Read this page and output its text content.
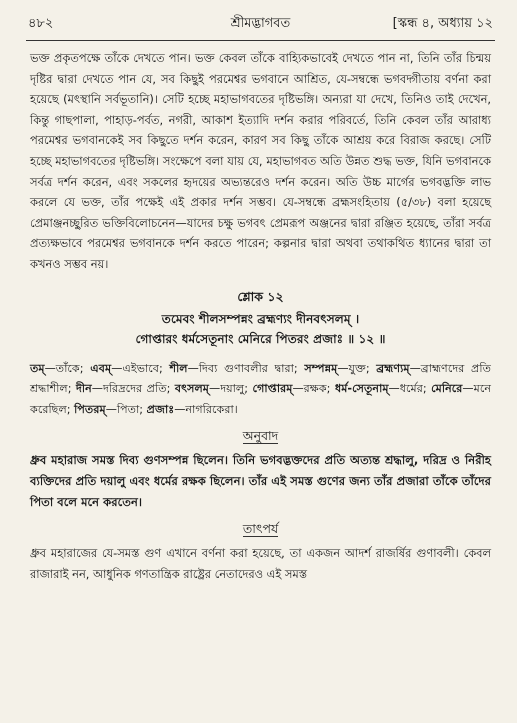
৪৮২	শ্রীমদ্ভাগবত	[স্কন্ধ ৪, অধ্যায় ১২

ভক্ত প্রকৃতপক্ষে তাঁকে দেখতে পান। ভক্ত কেবল তাঁকে বাহ্যিকভাবেই দেখতে পান না, তিনি তাঁর চিন্ময় দৃষ্টির দ্বারা দেখতে পান যে, সব কিছুই পরমেশ্বর ভগবানে আশ্রিত, যে-সম্বন্ধে ভগবদ্গীতায় বর্ণনা করা হয়েছে (মৎস্থানি সর্বভূতানি)। সেটি হচ্ছে মহাভাগবতের দৃষ্টিভঙ্গি। অন্যরা যা দেখে, তিনিও তাই দেখেন, কিন্তু গাছপালা, পাহাড়-পর্বত, নগরী, আকাশ ইত্যাদি দর্শন করার পরিবর্তে, তিনি কেবল তাঁর আরাধ্য পরমেশ্বর ভগবানকেই সব কিছুতে দর্শন করেন, কারণ সব কিছু তাঁকে আশ্রয় করে বিরাজ করছে। সেটি হচ্ছে মহাভাগবতের দৃষ্টিভঙ্গি। সংক্ষেপে বলা যায় যে, মহাভাগবত অতি উন্নত শুদ্ধ ভক্ত, যিনি ভগবানকে সর্বত্র দর্শন করেন, এবং সকলের হৃদয়ের অভ্যন্তরেও দর্শন করেন। অতি উচ্চ মার্গের ভগবদ্ভক্তি লাভ করলে যে ভক্ত, তাঁর পক্ষেই এই প্রকার দর্শন সম্ভব। যে-সম্বন্ধে ব্রহ্মসংহিতায় (৫/৩৮) বলা হয়েছে প্রেমাঞ্জনচ্ছুরিত ভক্তিবিলোচনেন—যাদের চক্ষু ভগবৎ প্রেমরূপ অঞ্জনের দ্বারা রঞ্জিত হয়েছে, তাঁরা সর্বত্র প্রত্যক্ষভাবে পরমেশ্বর ভগবানকে দর্শন করতে পারেন; কল্পনার দ্বারা অথবা তথাকথিত ধ্যানের দ্বারা তা কখনও সম্ভব নয়।

শ্লোক ১২
তমেবং শীলসম্পন্নং ব্রহ্মণ্যং দীনবৎসলম্ ।
গোপ্তারং ধর্মসেতূনাং মেনিরে পিতরং প্রজাঃ ॥ ১২ ॥
তম্—তাঁকে; এবম্—এইভাবে; শীল—দিব্য গুণাবলীর দ্বারা; সম্পন্নম্—যুক্ত; ব্রহ্মণ্যম্—ব্রাহ্মণদের প্রতি শ্রদ্ধাশীল; দীন—দরিদ্রদের প্রতি; বৎসলম্—দয়ালু; গোপ্তারম্—রক্ষক; ধর্ম-সেতূনাম্—ধর্মের; মেনিরে—মনে করেছিল; পিতরম্—পিতা; প্রজাঃ—নাগরিকেরা।
অনুবাদ
ধ্রুব মহারাজ সমস্ত দিব্য গুণসম্পন্ন ছিলেন। তিনি ভগবদ্ভক্তদের প্রতি অত্যন্ত শ্রদ্ধালু, দরিদ্র ও নিরীহ ব্যক্তিদের প্রতি দয়ালু এবং ধর্মের রক্ষক ছিলেন। তাঁর এই সমস্ত গুণের জন্য তাঁর প্রজারা তাঁকে তাঁদের পিতা বলে মনে করতেন।
তাৎপর্য

ধ্রুব মহারাজের যে-সমস্ত গুণ এখানে বর্ণনা করা হয়েছে, তা একজন আদর্শ রাজর্ষির গুণাবলী। কেবল রাজারাই নন, আধুনিক গণতান্ত্রিক রাষ্ট্রের নেতাদেরও এই সমস্ত
